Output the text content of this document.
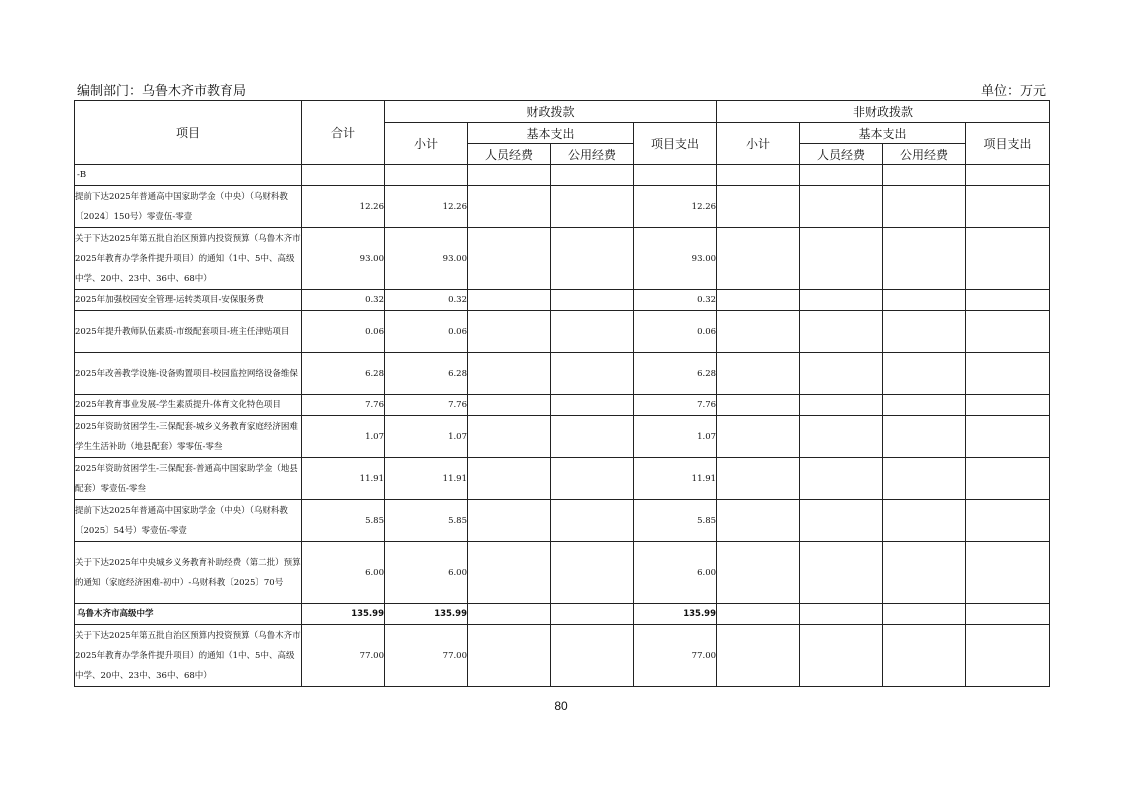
编制部门：乌鲁木齐市教育局	单位：万元
项目	合计	财政拨款				非财政拨款			
		小计	基本支出		项目支出	小计	基本支出		项目支出
			人员经费	公用经费			人员经费	公用经费	
-B									
提前下达2025年普通高中国家助学金（中央）（乌财科教〔2024〕150号）零壹伍-零壹	12.26	12.26			12.26				
关于下达2025年第五批自治区预算内投资预算（乌鲁木齐市2025年教育办学条件提升项目）的通知（1中、5中、高级中学、20中、23中、36中、68中）	93.00	93.00			93.00				
2025年加强校园安全管理-运转类项目-安保服务费	0.32	0.32			0.32				
2025年提升教师队伍素质-市级配套项目-班主任津贴项目	0.06	0.06			0.06				
2025年改善教学设施-设备购置项目-校园监控网络设备维保	6.28	6.28			6.28				
2025年教育事业发展-学生素质提升-体育文化特色项目	7.76	7.76			7.76				
2025年资助贫困学生-三保配套-城乡义务教育家庭经济困难学生生活补助（地县配套）零零伍-零叁	1.07	1.07			1.07				
2025年资助贫困学生-三保配套-普通高中国家助学金（地县配套）零壹伍-零叁	11.91	11.91			11.91				
提前下达2025年普通高中国家助学金（中央）（乌财科教〔2025〕54号）零壹伍-零壹	5.85	5.85			5.85				
关于下达2025年中央城乡义务教育补助经费（第二批）预算的通知（家庭经济困难-初中）-乌财科教〔2025〕70号	6.00	6.00			6.00				
乌鲁木齐市高级中学	135.99	135.99			135.99				
关于下达2025年第五批自治区预算内投资预算（乌鲁木齐市2025年教育办学条件提升项目）的通知（1中、5中、高级中学、20中、23中、36中、68中）	77.00	77.00			77.00				
80
